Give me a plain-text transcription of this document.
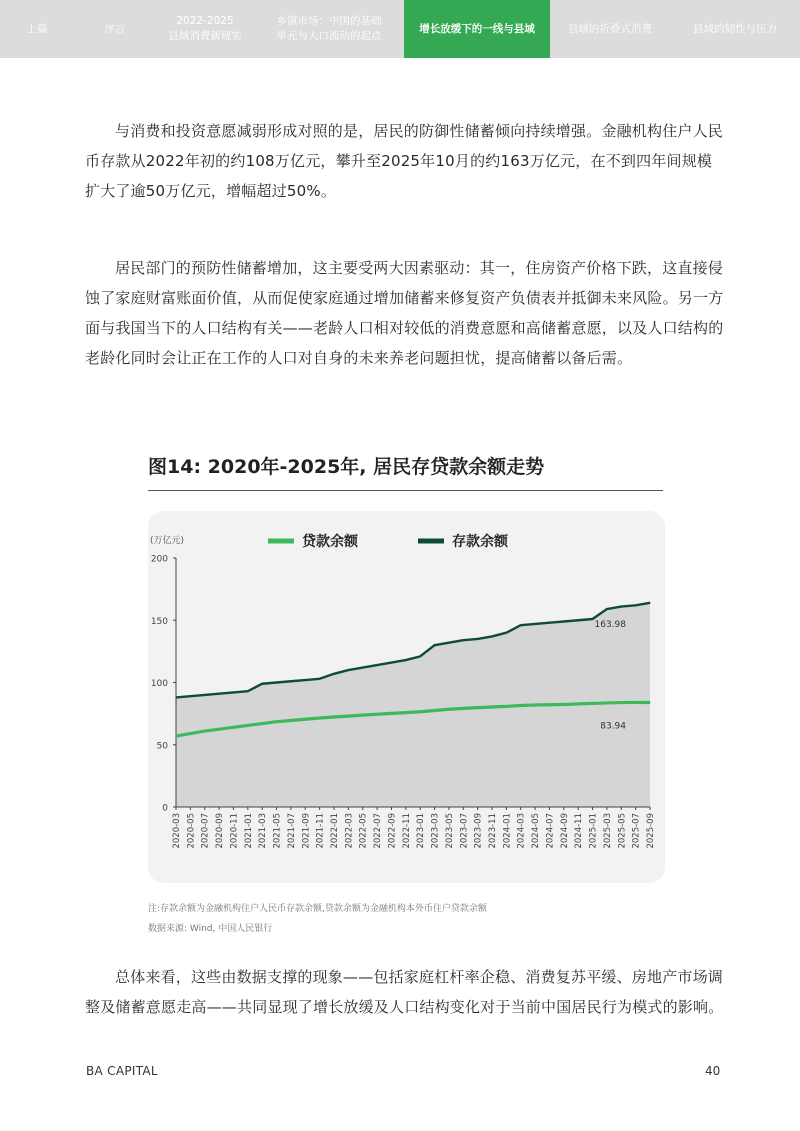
上篇	序言
2022-2025
县域消费新现实
乡镇市场：中国的基础
单元与人口流动的起点
增长放缓下的一线与县域	县域的折叠式消费	县域的韧性与压力

与消费和投资意愿减弱形成对照的是，居民的防御性储蓄倾向持续增强。金融机构住户人民币存款从2022年初的约108万亿元，攀升至2025年10月的约163万亿元，在不到四年间规模扩大了逾50万亿元，增幅超过50%。

居民部门的预防性储蓄增加，这主要受两大因素驱动：其一，住房资产价格下跌，这直接侵蚀了家庭财富账面价值，从而促使家庭通过增加储蓄来修复资产负债表并抵御未来风险。另一方面与我国当下的人口结构有关——老龄人口相对较低的消费意愿和高储蓄意愿，以及人口结构的老龄化同时会让正在工作的人口对自身的未来养老问题担忧，提高储蓄以备后需。

图14: 2020年-2025年, 居民存贷款余额走势
(万亿元)	贷款余额	存款余额
0
50
100
150
200
2020-03 2020-05 2020-07 2020-09 2020-11 2021-01 2021-03 2021-05 2021-07 2021-09 2021-11 2022-01 2022-03 2022-05 2022-07 2022-09 2022-11 2023-01 2023-03 2023-05 2023-07 2023-09 2023-11 2024-01 2024-03 2024-05 2024-07 2024-09 2024-11 2025-01 2025-03 2025-05 2025-07 2025-09
163.98
83.94

注:存款余额为金融机构住户人民币存款余额,贷款余额为金融机构本外币住户贷款余额

数据来源: Wind, 中国人民银行

总体来看，这些由数据支撑的现象——包括家庭杠杆率企稳、消费复苏平缓、房地产市场调整及储蓄意愿走高——共同显现了增长放缓及人口结构变化对于当前中国居民行为模式的影响。

BA CAPITAL	40
